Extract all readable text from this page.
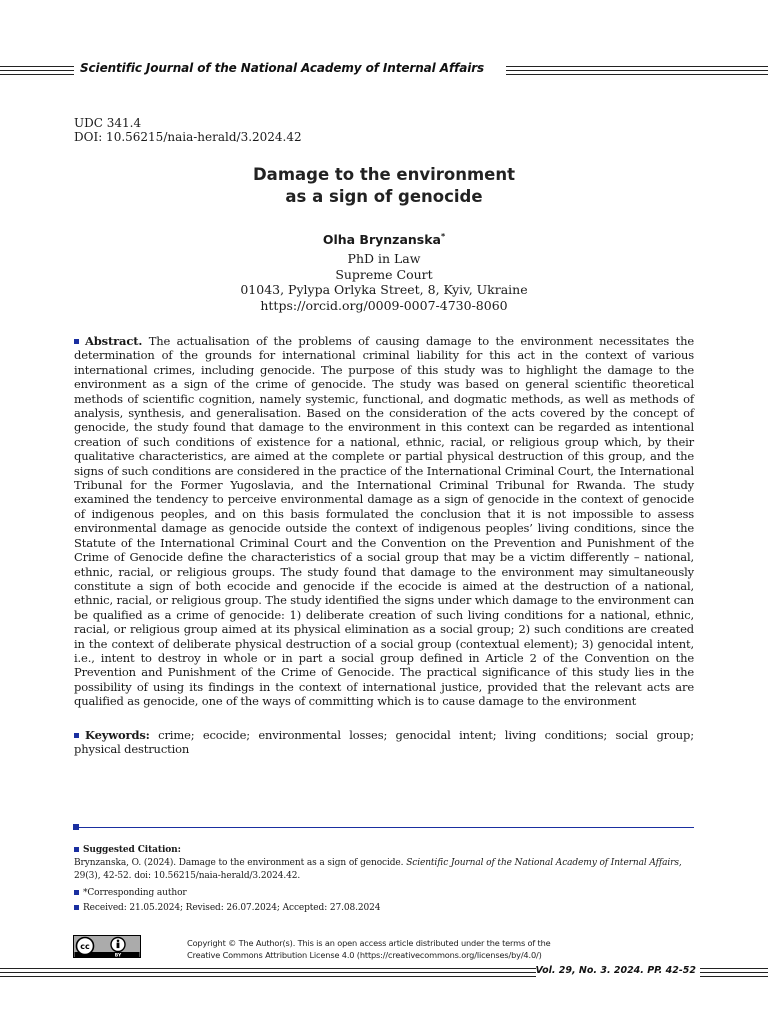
Scientific Journal of the National Academy of Internal Affairs
UDC 341.4
DOI: 10.56215/naia-herald/3.2024.42
Damage to the environment
as a sign of genocide
Olha Brynzanska*
PhD in Law
Supreme Court
01043, Pylypa Orlyka Street, 8, Kyiv, Ukraine
https://orcid.org/0009-0007-4730-8060
Abstract. The actualisation of the problems of causing damage to the environment necessitates the determination of the grounds for international criminal liability for this act in the context of various international crimes, including genocide. The purpose of this study was to highlight the damage to the environment as a sign of the crime of genocide. The study was based on general scientific theoretical methods of scientific cognition, namely systemic, functional, and dogmatic methods, as well as methods of analysis, synthesis, and generalisation. Based on the consideration of the acts covered by the concept of genocide, the study found that damage to the environment in this context can be regarded as intentional creation of such conditions of existence for a national, ethnic, racial, or religious group which, by their qualitative characteristics, are aimed at the complete or partial physical destruction of this group, and the signs of such conditions are considered in the practice of the International Criminal Court, the International Tribunal for the Former Yugoslavia, and the International Criminal Tribunal for Rwanda. The study examined the tendency to perceive environmental damage as a sign of genocide in the context of genocide of indigenous peoples, and on this basis formulated the conclusion that it is not impossible to assess environmental damage as genocide outside the context of indigenous peoples’ living conditions, since the Statute of the International Criminal Court and the Convention on the Prevention and Punishment of the Crime of Genocide define the characteristics of a social group that may be a victim differently – national, ethnic, racial, or religious groups. The study found that damage to the environment may simultaneously constitute a sign of both ecocide and genocide if the ecocide is aimed at the destruction of a national, ethnic, racial, or religious group. The study identified the signs under which damage to the environment can be qualified as a crime of genocide: 1) deliberate creation of such living conditions for a national, ethnic, racial, or religious group aimed at its physical elimination as a social group; 2) such conditions are created in the context of deliberate physical destruction of a social group (contextual element); 3) genocidal intent, i.e., intent to destroy in whole or in part a social group defined in Article 2 of the Convention on the Prevention and Punishment of the Crime of Genocide. The practical significance of this study lies in the possibility of using its findings in the context of international justice, provided that the relevant acts are qualified as genocide, one of the ways of committing which is to cause damage to the environment
Keywords: crime; ecocide; environmental losses; genocidal intent; living conditions; social group; physical destruction
Suggested Citation:
Brynzanska, O. (2024). Damage to the environment as a sign of genocide. Scientific Journal of the National Academy of Internal Affairs, 29(3), 42-52. doi: 10.56215/naia-herald/3.2024.42.
*Corresponding author
Received: 21.05.2024; Revised: 26.07.2024; Accepted: 27.08.2024
cc
BY
Copyright © The Author(s). This is an open access article distributed under the terms of the
Creative Commons Attribution License 4.0 (https://creativecommons.org/licenses/by/4.0/)
Vol. 29, No. 3. 2024. PP. 42-52
